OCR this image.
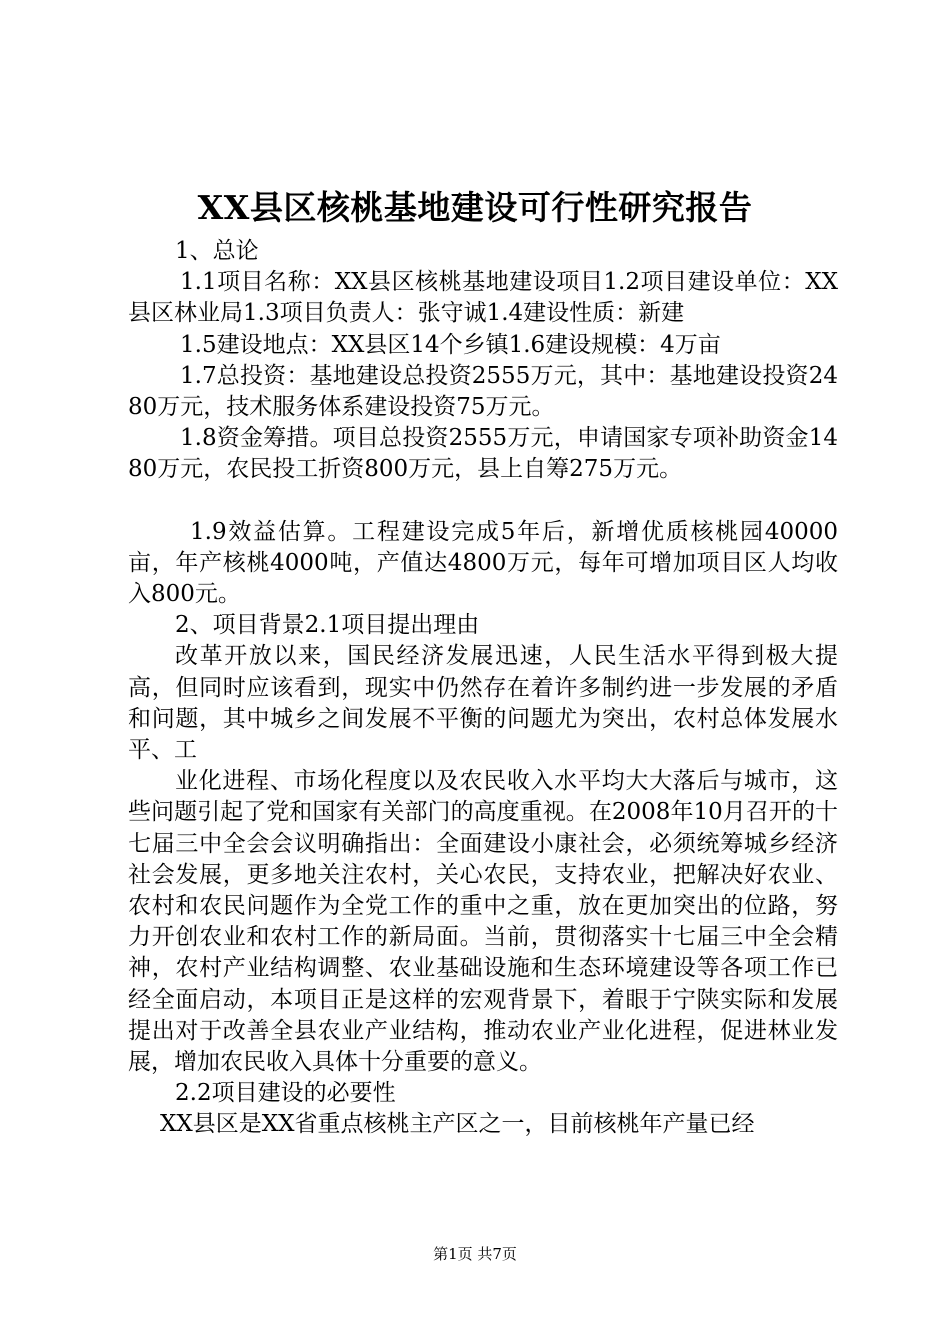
XX县区核桃基地建设可行性研究报告

1、总论

1.1项目名称：XX县区核桃基地建设项目1.2项目建设单位：XX县区林业局1.3项目负责人：张守诚1.4建设性质：新建

1.5建设地点：XX县区14个乡镇1.6建设规模：4万亩

1.7总投资：基地建设总投资2555万元，其中：基地建设投资2480万元，技术服务体系建设投资75万元。

1.8资金筹措。项目总投资2555万元，申请国家专项补助资金1480万元，农民投工折资800万元，县上自筹275万元。

1.9效益估算。工程建设完成5年后，新增优质核桃园40000亩，年产核桃4000吨，产值达4800万元，每年可增加项目区人均收入800元。

2、项目背景2.1项目提出理由

改革开放以来，国民经济发展迅速，人民生活水平得到极大提高，但同时应该看到，现实中仍然存在着许多制约进一步发展的矛盾和问题，其中城乡之间发展不平衡的问题尤为突出，农村总体发展水平、工

业化进程、市场化程度以及农民收入水平均大大落后与城市，这些问题引起了党和国家有关部门的高度重视。在2008年10月召开的十七届三中全会会议明确指出：全面建设小康社会，必须统筹城乡经济社会发展，更多地关注农村，关心农民，支持农业，把解决好农业、农村和农民问题作为全党工作的重中之重，放在更加突出的位路，努力开创农业和农村工作的新局面。当前，贯彻落实十七届三中全会精神，农村产业结构调整、农业基础设施和生态环境建设等各项工作已经全面启动，本项目正是这样的宏观背景下，着眼于宁陕实际和发展提出对于改善全县农业产业结构，推动农业产业化进程，促进林业发展，增加农民收入具体十分重要的意义。

2.2项目建设的必要性

XX县区是XX省重点核桃主产区之一，目前核桃年产量已经

第1页 共7页
